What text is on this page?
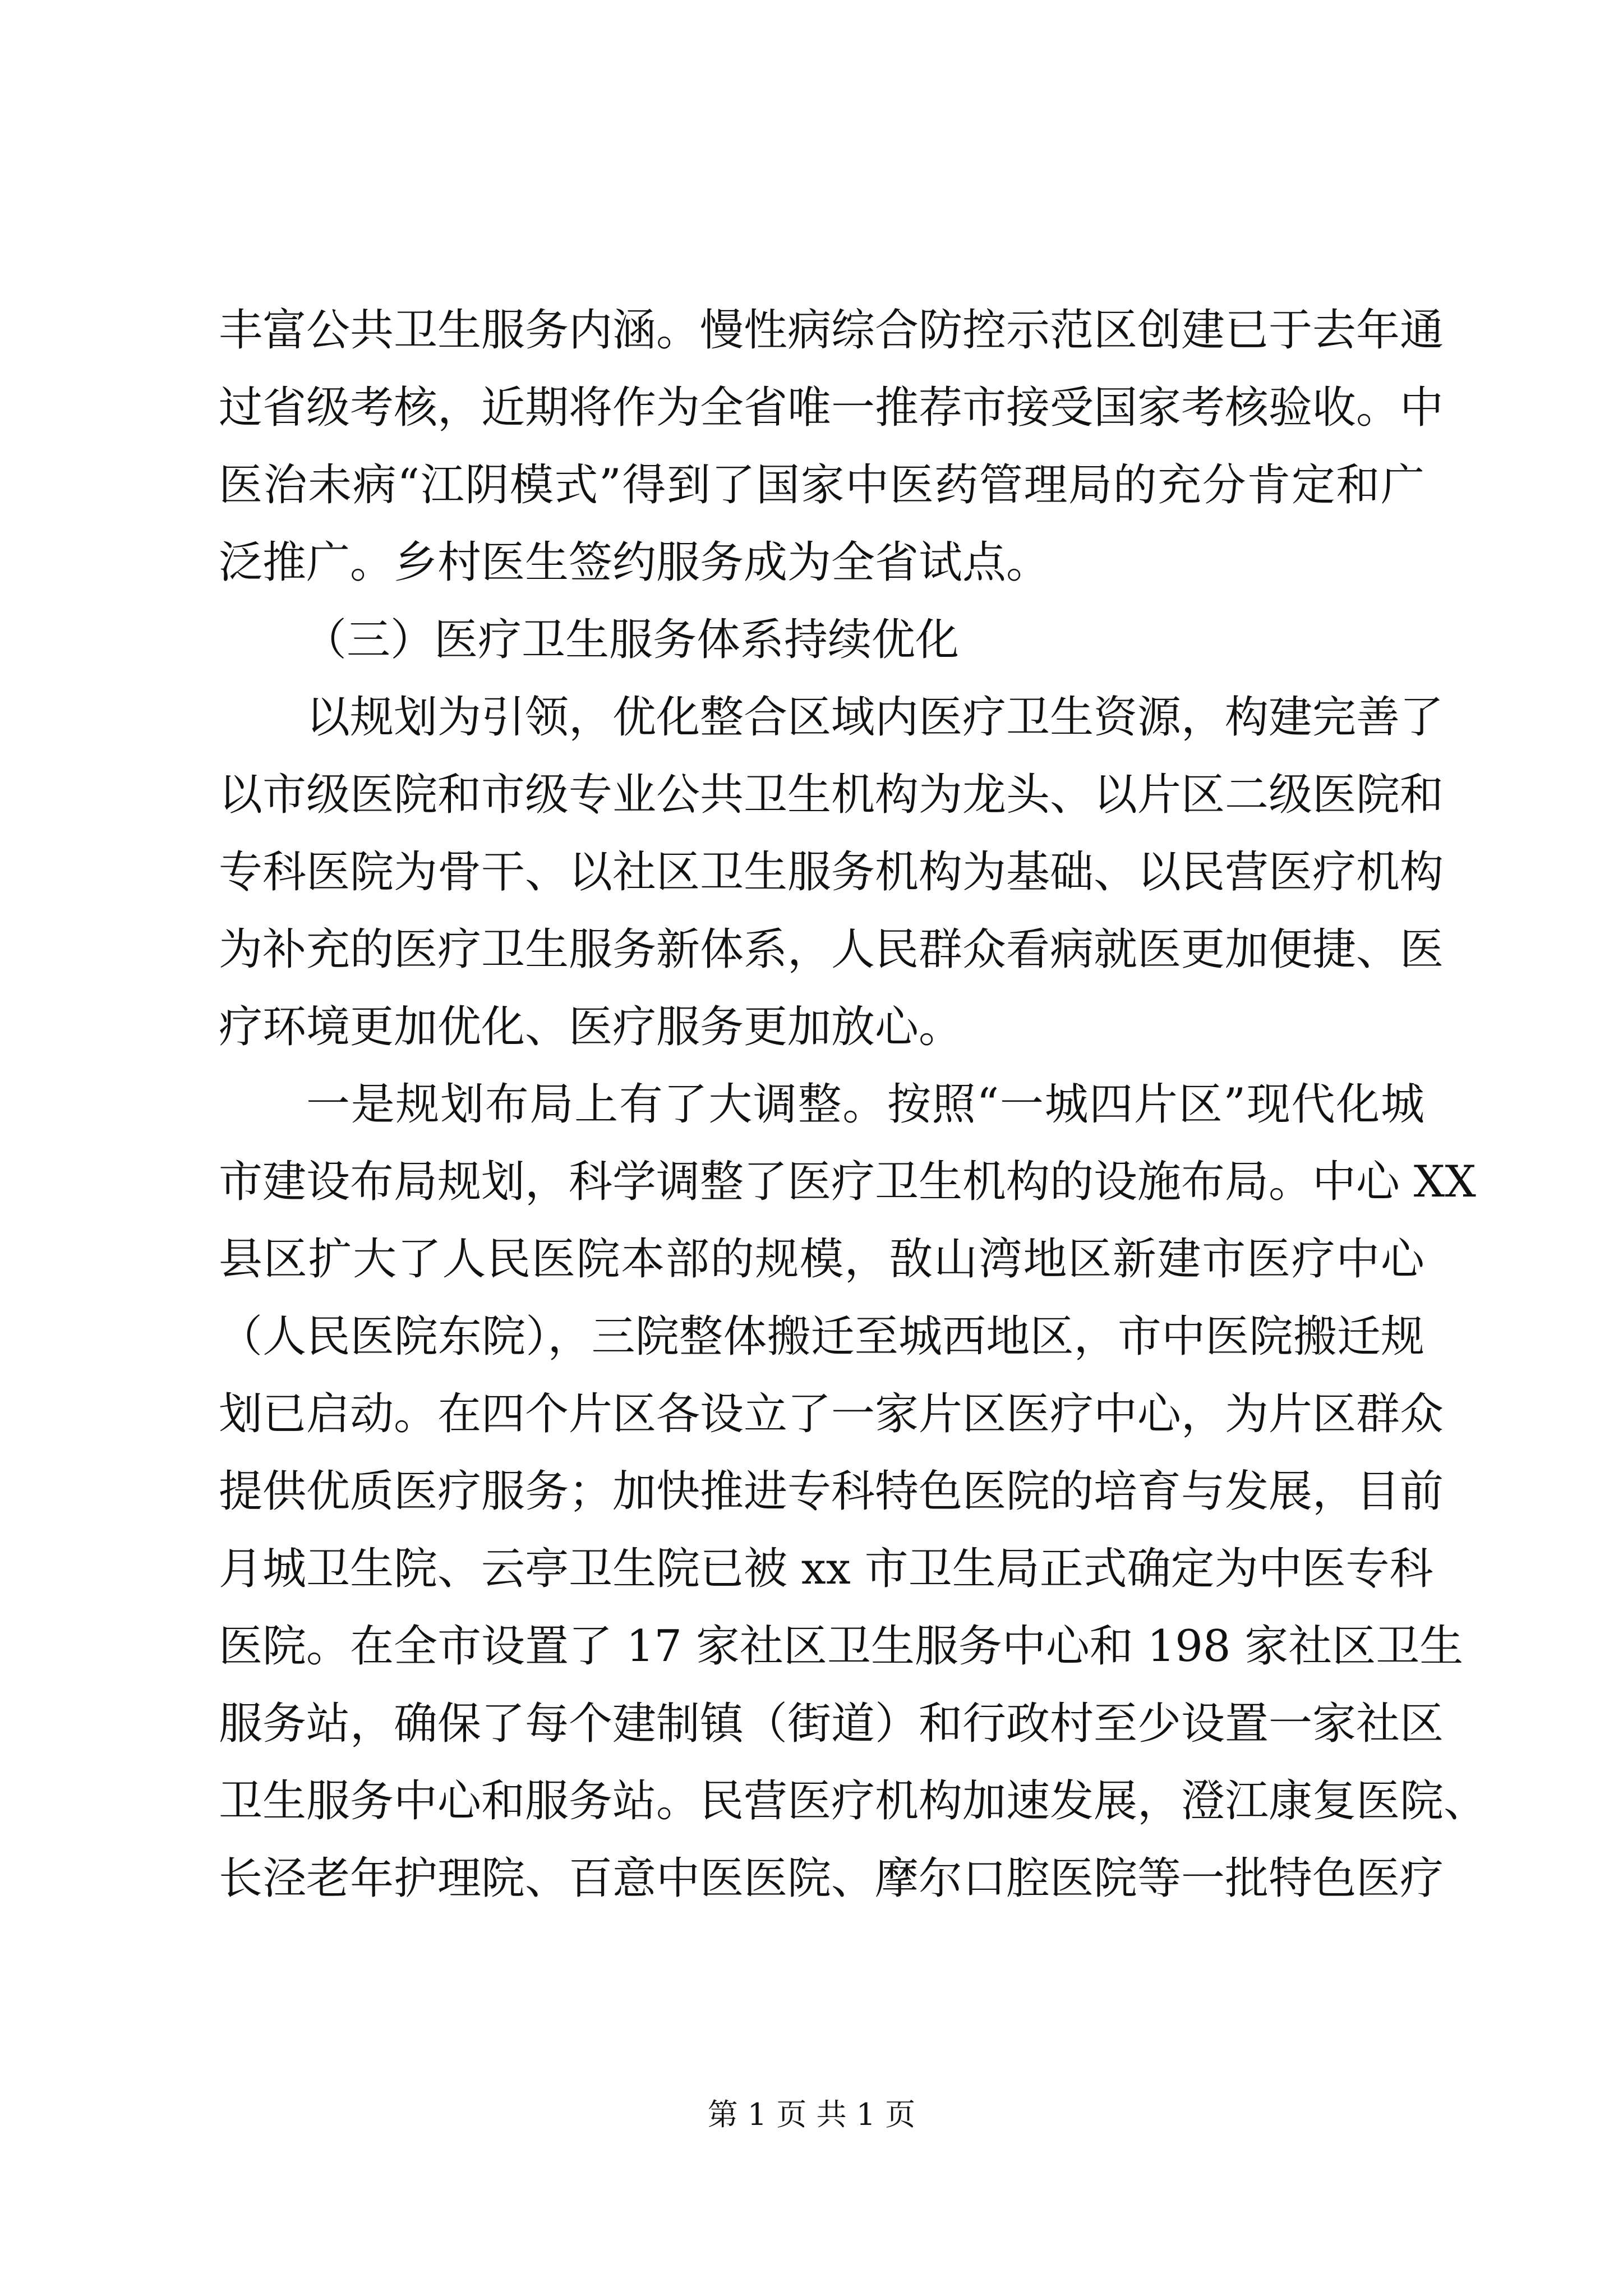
丰富公共卫生服务内涵。慢性病综合防控示范区创建已于去年通
过省级考核，近期将作为全省唯一推荐市接受国家考核验收。中
医治未病“江阴模式”得到了国家中医药管理局的充分肯定和广
泛推广。乡村医生签约服务成为全省试点。
（三）医疗卫生服务体系持续优化
以规划为引领，优化整合区域内医疗卫生资源，构建完善了
以市级医院和市级专业公共卫生机构为龙头、以片区二级医院和
专科医院为骨干、以社区卫生服务机构为基础、以民营医疗机构
为补充的医疗卫生服务新体系，人民群众看病就医更加便捷、医
疗环境更加优化、医疗服务更加放心。
一是规划布局上有了大调整。按照“一城四片区”现代化城
市建设布局规划，科学调整了医疗卫生机构的设施布局。中心 XX
县区扩大了人民医院本部的规模，敔山湾地区新建市医疗中心
（人民医院东院），三院整体搬迁至城西地区，市中医院搬迁规
划已启动。在四个片区各设立了一家片区医疗中心，为片区群众
提供优质医疗服务；加快推进专科特色医院的培育与发展，目前
月城卫生院、云亭卫生院已被 xx 市卫生局正式确定为中医专科
医院。在全市设置了 17 家社区卫生服务中心和 198 家社区卫生
服务站，确保了每个建制镇（街道）和行政村至少设置一家社区
卫生服务中心和服务站。民营医疗机构加速发展，澄江康复医院、
长泾老年护理院、百意中医医院、摩尔口腔医院等一批特色医疗
第 1 页 共 1 页
